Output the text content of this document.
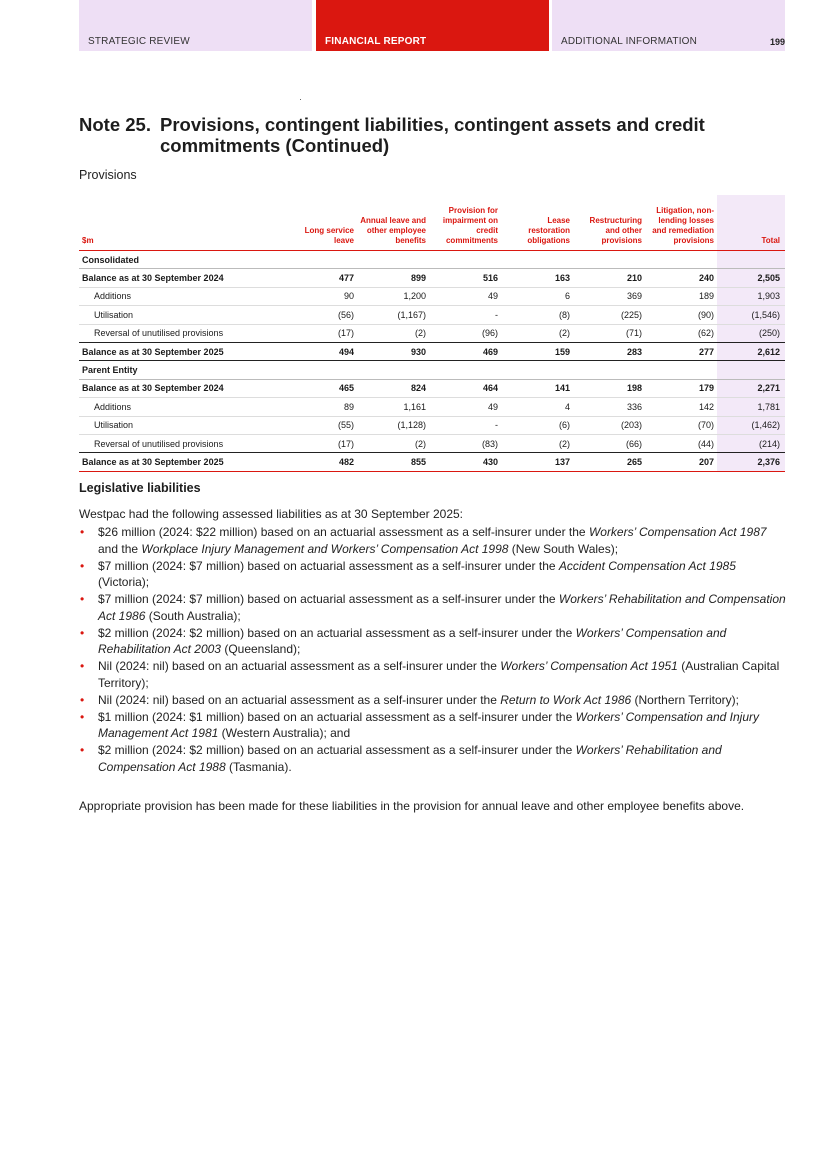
STRATEGIC REVIEW	FINANCIAL REPORT	ADDITIONAL INFORMATION	199
Note 25. Provisions, contingent liabilities, contingent assets and credit commitments (Continued)
Provisions
$m	Long service leave	Annual leave and other employee benefits	Provision for impairment on credit commitments	Lease restoration obligations	Restructuring and other provisions	Litigation, non-lending losses and remediation provisions	Total
Consolidated							
Balance as at 30 September 2024	477	899	516	163	210	240	2,505
Additions	90	1,200	49	6	369	189	1,903
Utilisation	(56)	(1,167)	-	(8)	(225)	(90)	(1,546)
Reversal of unutilised provisions	(17)	(2)	(96)	(2)	(71)	(62)	(250)
Balance as at 30 September 2025	494	930	469	159	283	277	2,612
Parent Entity							
Balance as at 30 September 2024	465	824	464	141	198	179	2,271
Additions	89	1,161	49	4	336	142	1,781
Utilisation	(55)	(1,128)	-	(6)	(203)	(70)	(1,462)
Reversal of unutilised provisions	(17)	(2)	(83)	(2)	(66)	(44)	(214)
Balance as at 30 September 2025	482	855	430	137	265	207	2,376
Legislative liabilities
Westpac had the following assessed liabilities as at 30 September 2025:
• $26 million (2024: $22 million) based on an actuarial assessment as a self-insurer under the Workers’ Compensation Act 1987 and the Workplace Injury Management and Workers’ Compensation Act 1998 (New South Wales);
• $7 million (2024: $7 million) based on actuarial assessment as a self-insurer under the Accident Compensation Act 1985 (Victoria);
• $7 million (2024: $7 million) based on actuarial assessment as a self-insurer under the Workers’ Rehabilitation and Compensation Act 1986 (South Australia);
• $2 million (2024: $2 million) based on an actuarial assessment as a self-insurer under the Workers’ Compensation and Rehabilitation Act 2003 (Queensland);
• Nil (2024: nil) based on an actuarial assessment as a self-insurer under the Workers’ Compensation Act 1951 (Australian Capital Territory);
• Nil (2024: nil) based on an actuarial assessment as a self-insurer under the Return to Work Act 1986 (Northern Territory);
• $1 million (2024: $1 million) based on an actuarial assessment as a self-insurer under the Workers’ Compensation and Injury Management Act 1981 (Western Australia); and
• $2 million (2024: $2 million) based on an actuarial assessment as a self-insurer under the Workers’ Rehabilitation and Compensation Act 1988 (Tasmania).
Appropriate provision has been made for these liabilities in the provision for annual leave and other employee benefits above.
